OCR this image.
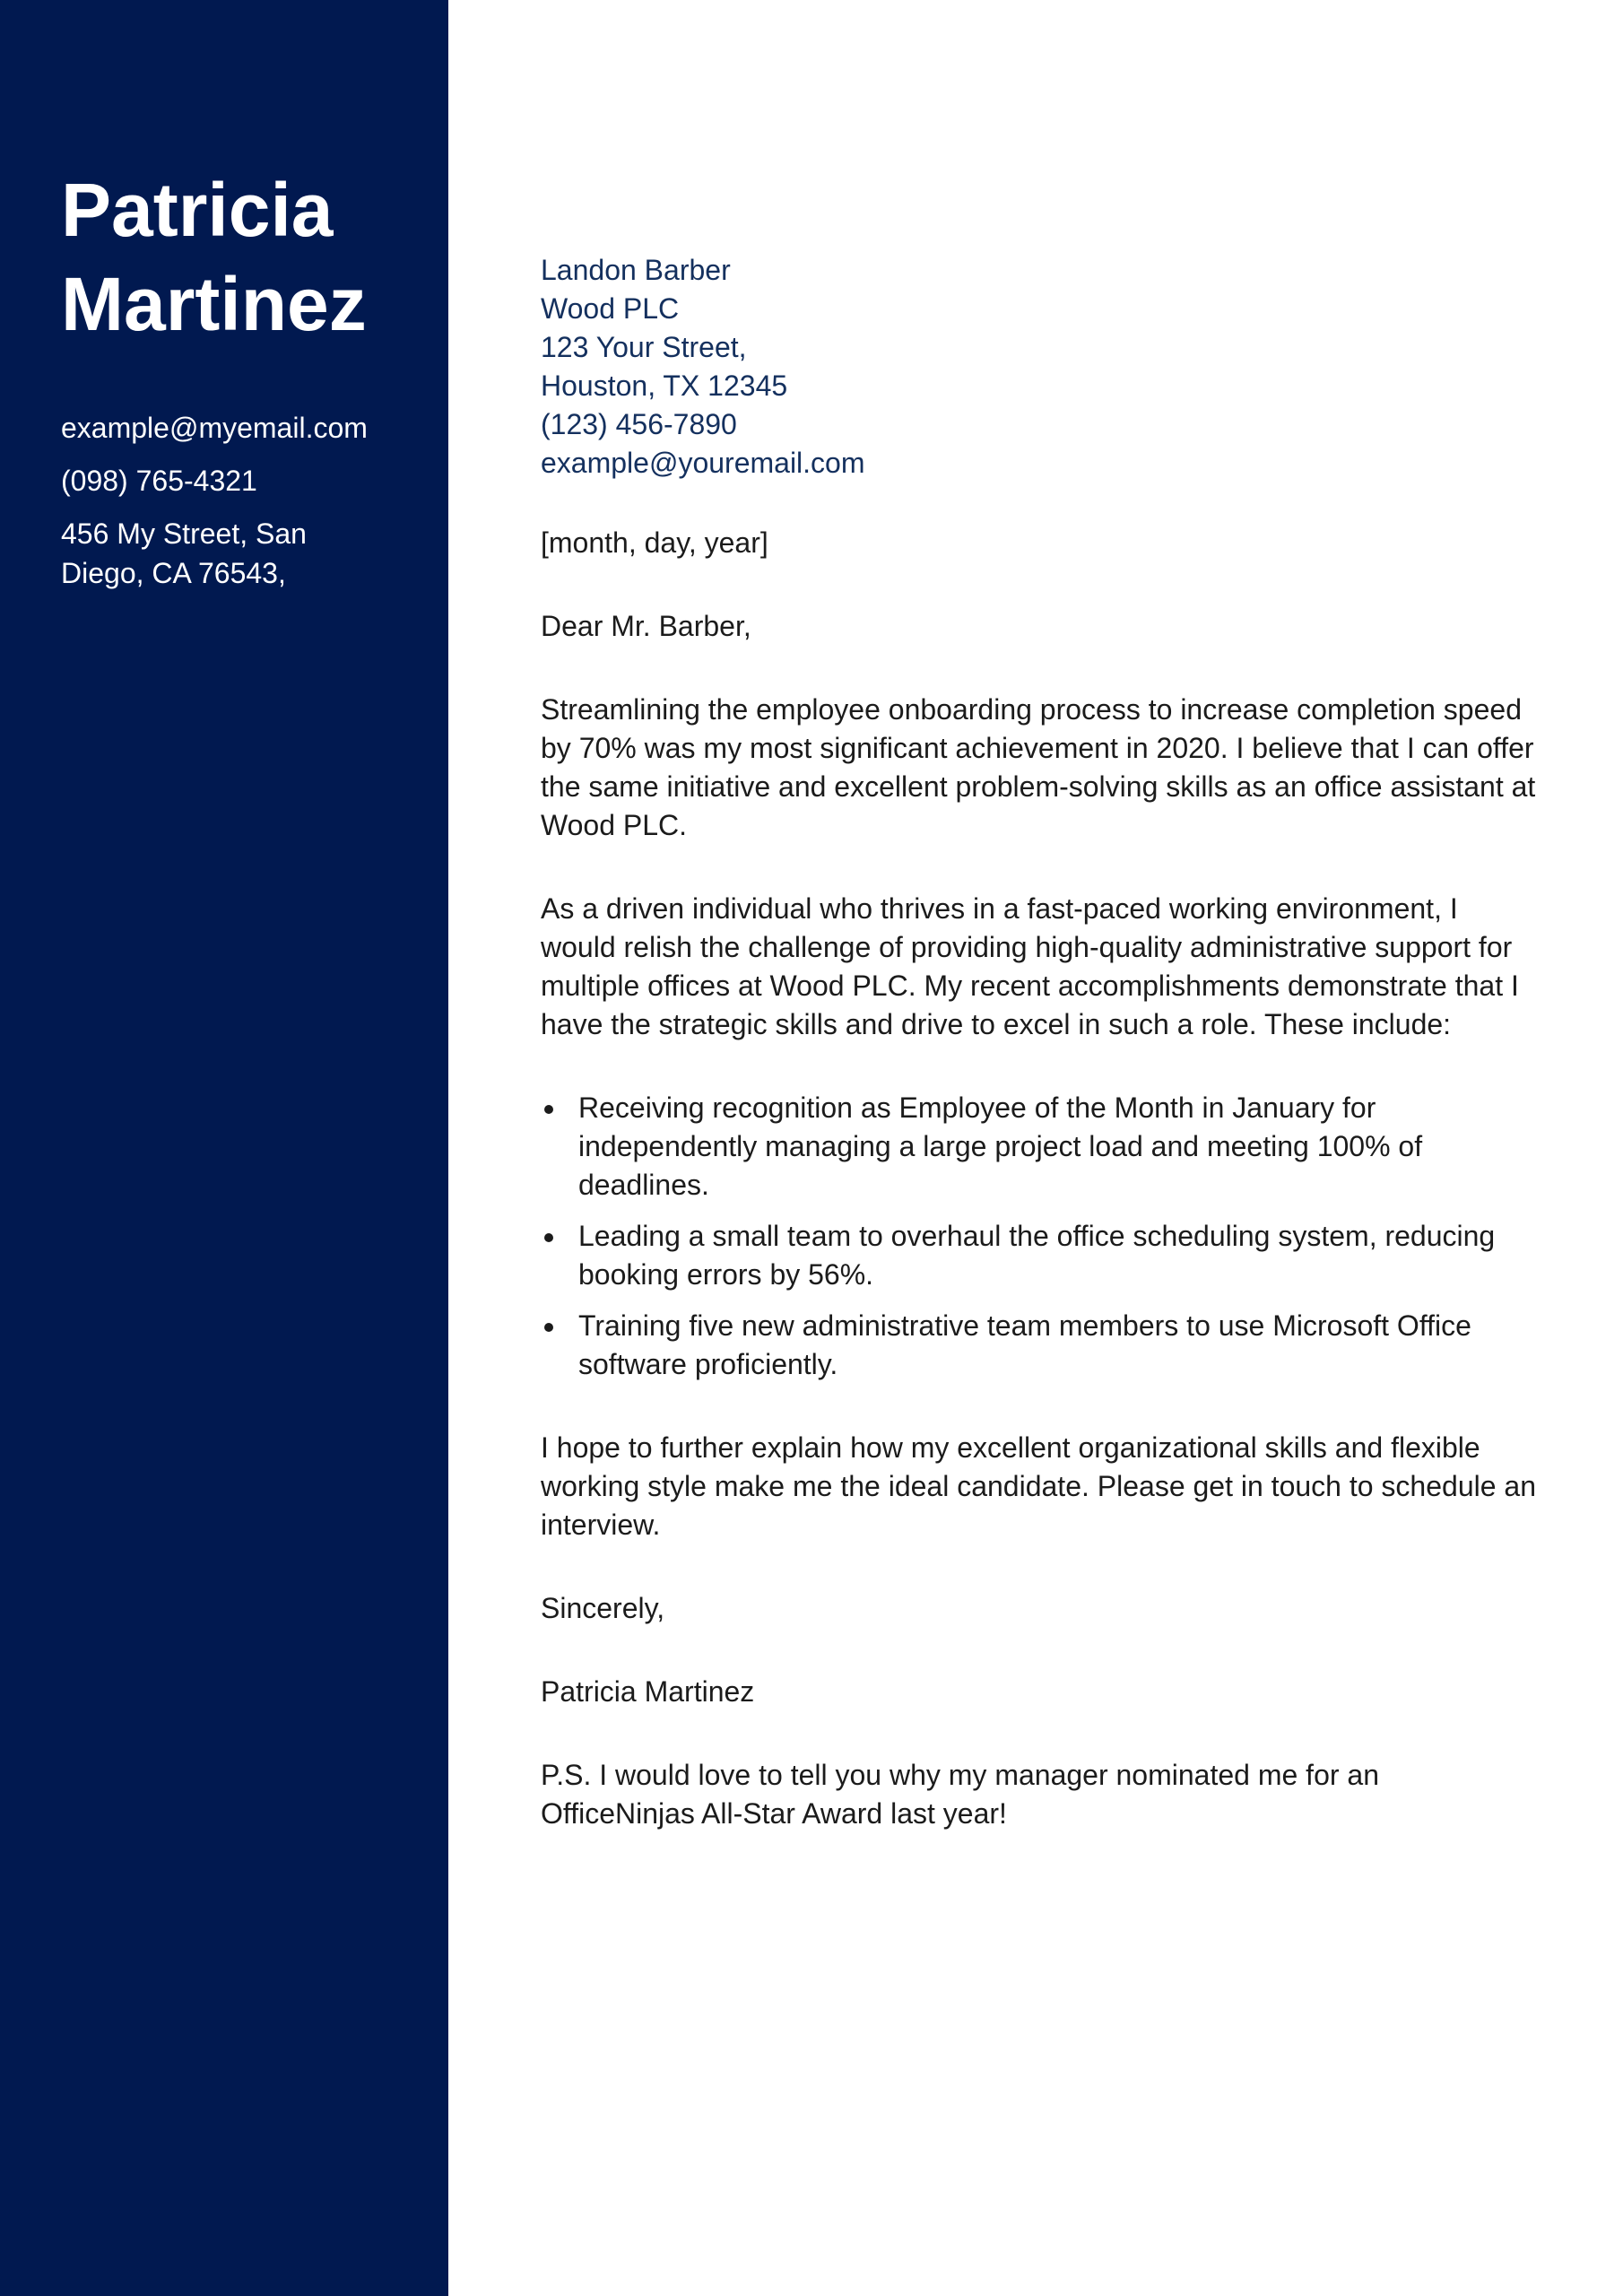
Patricia
Martinez
example@myemail.com
(098) 765-4321
456 My Street, San
Diego, CA 76543,
Landon Barber
Wood PLC
123 Your Street,
Houston, TX 12345
(123) 456-7890
example@youremail.com

[month, day, year]

Dear Mr. Barber,

Streamlining the employee onboarding process to increase completion speed by 70% was my most significant achievement in 2020. I believe that I can offer the same initiative and excellent problem-solving skills as an office assistant at Wood PLC.

As a driven individual who thrives in a fast-paced working environment, I would relish the challenge of providing high-quality administrative support for multiple offices at Wood PLC. My recent accomplishments demonstrate that I have the strategic skills and drive to excel in such a role. These include:

Receiving recognition as Employee of the Month in January for independently managing a large project load and meeting 100% of deadlines.
Leading a small team to overhaul the office scheduling system, reducing booking errors by 56%.
Training five new administrative team members to use Microsoft Office software proficiently.

I hope to further explain how my excellent organizational skills and flexible working style make me the ideal candidate. Please get in touch to schedule an interview.

Sincerely,

Patricia Martinez

P.S. I would love to tell you why my manager nominated me for an OfficeNinjas All-Star Award last year!
